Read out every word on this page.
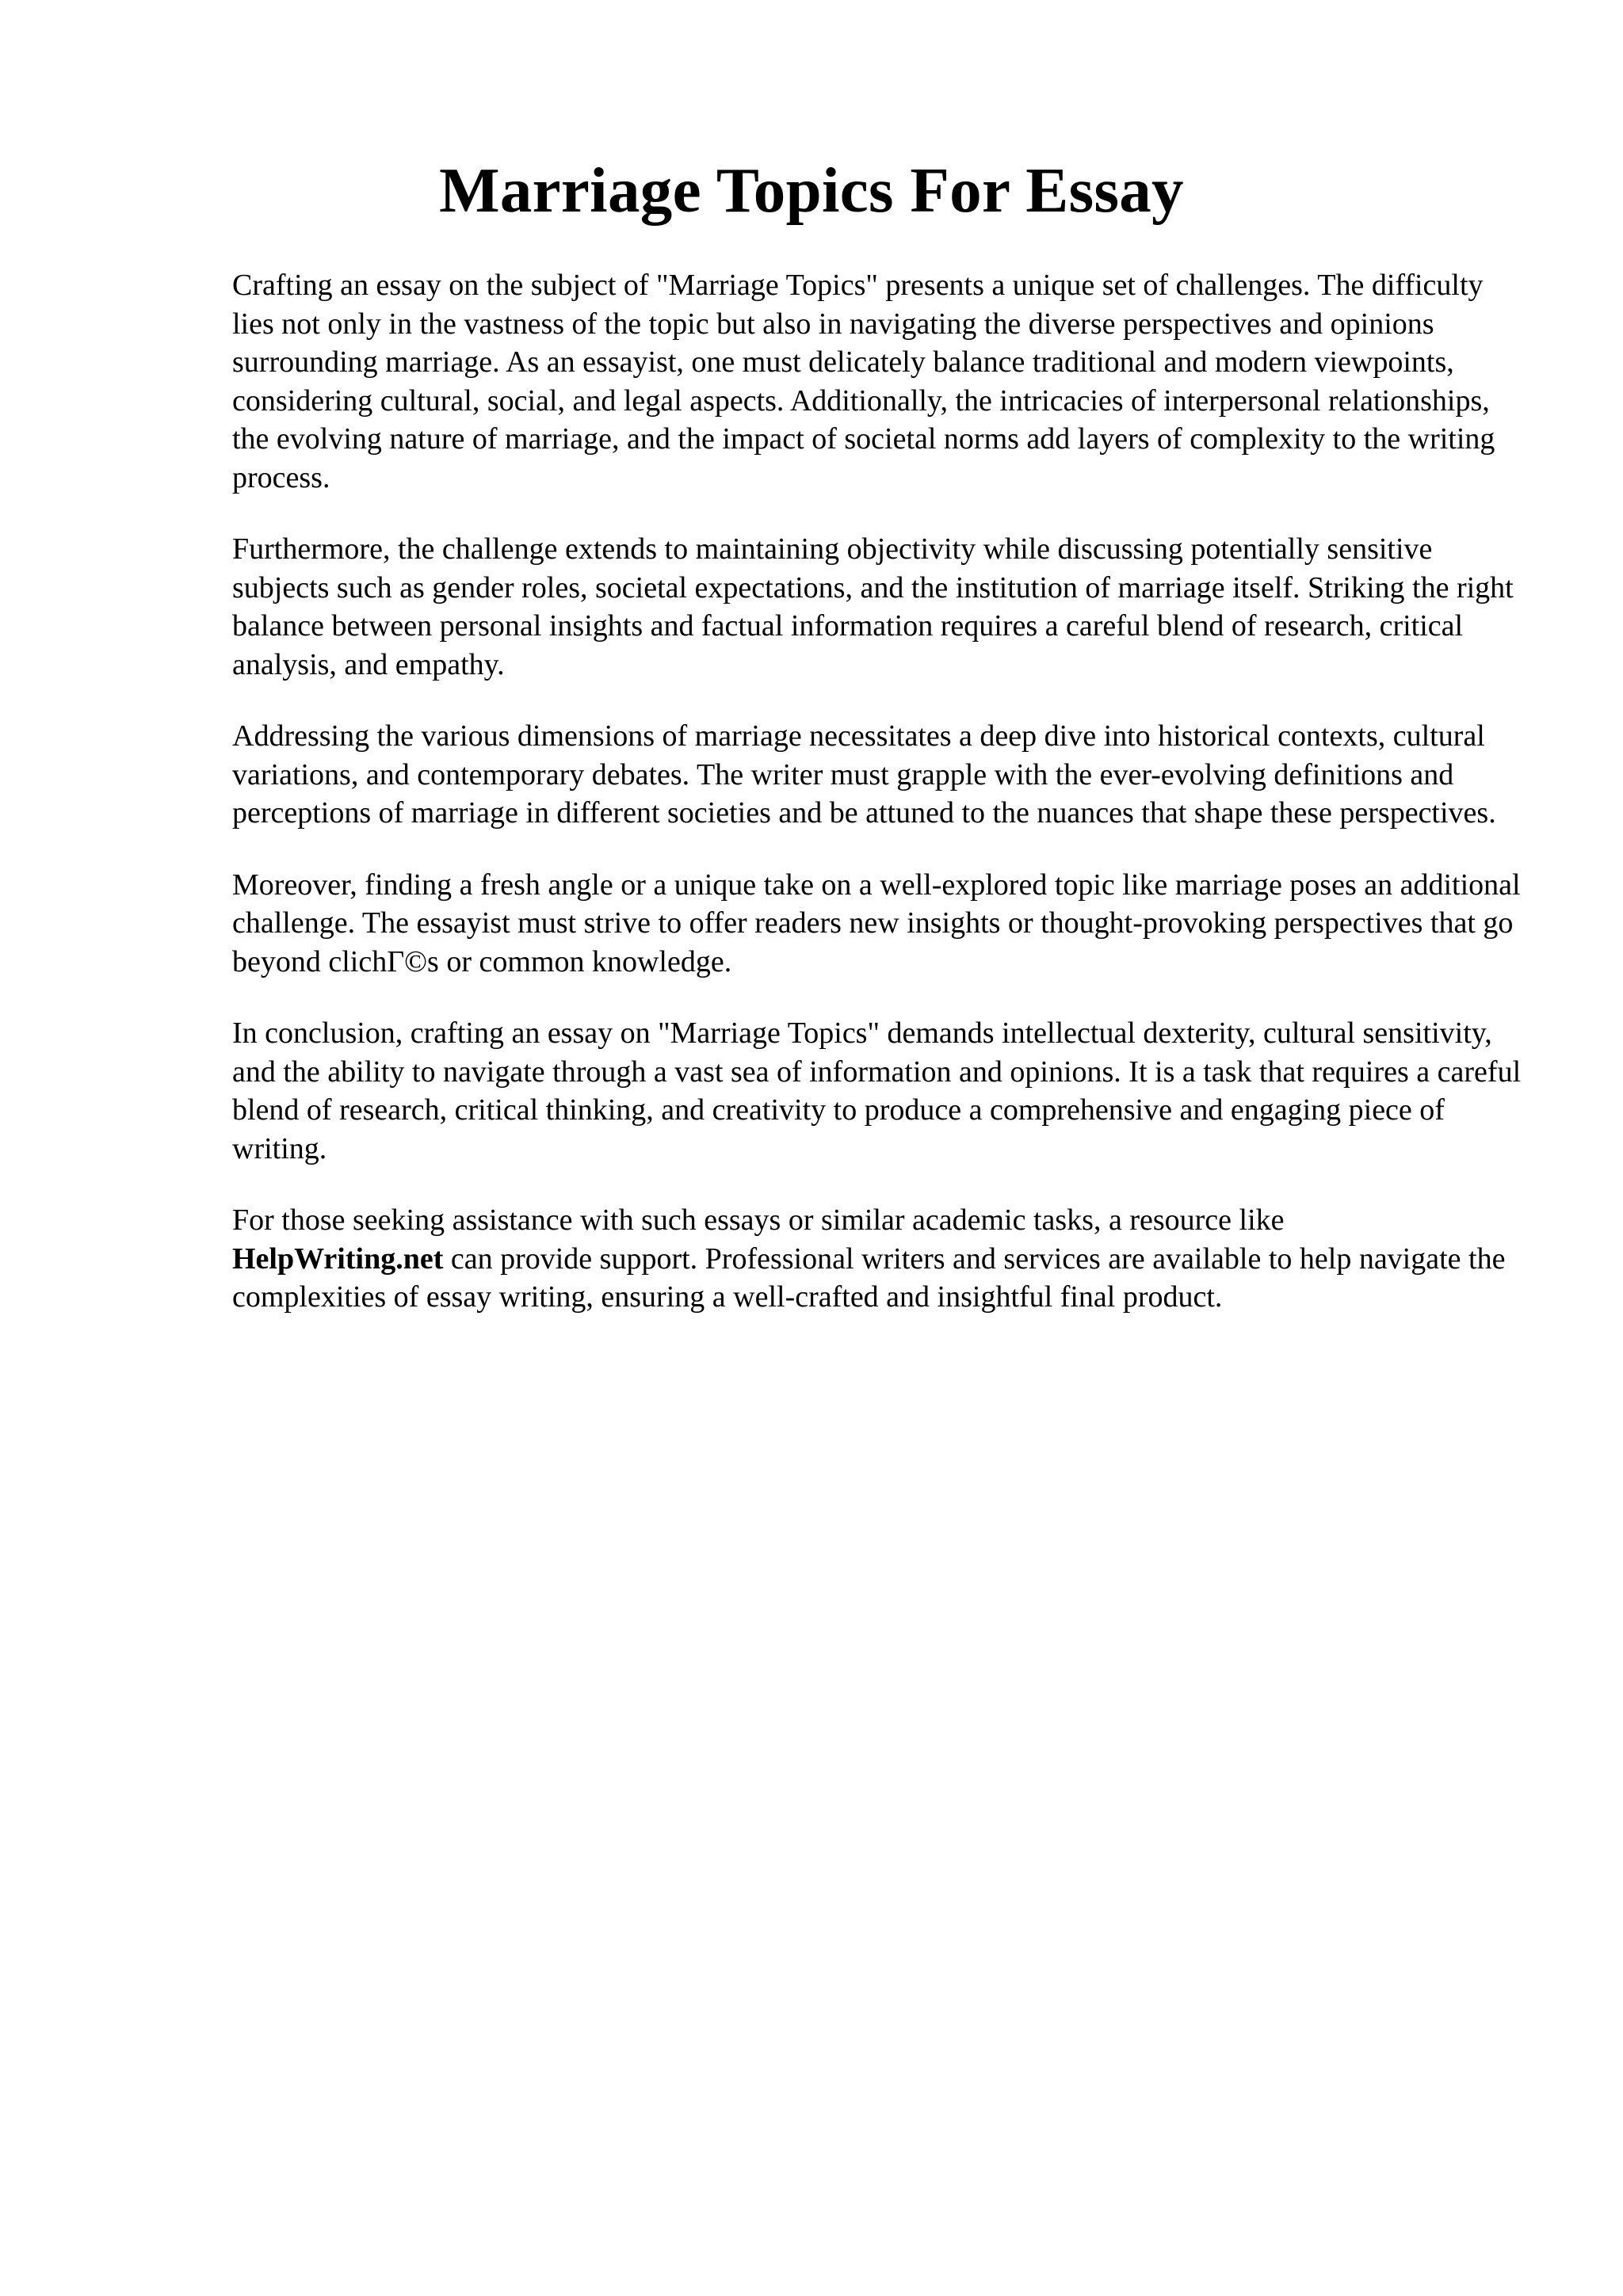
Marriage Topics For Essay

Crafting an essay on the subject of "Marriage Topics" presents a unique set of challenges. The difficulty lies not only in the vastness of the topic but also in navigating the diverse perspectives and opinions surrounding marriage. As an essayist, one must delicately balance traditional and modern viewpoints, considering cultural, social, and legal aspects. Additionally, the intricacies of interpersonal relationships, the evolving nature of marriage, and the impact of societal norms add layers of complexity to the writing process.

Furthermore, the challenge extends to maintaining objectivity while discussing potentially sensitive subjects such as gender roles, societal expectations, and the institution of marriage itself. Striking the right balance between personal insights and factual information requires a careful blend of research, critical analysis, and empathy.

Addressing the various dimensions of marriage necessitates a deep dive into historical contexts, cultural variations, and contemporary debates. The writer must grapple with the ever-evolving definitions and perceptions of marriage in different societies and be attuned to the nuances that shape these perspectives.

Moreover, finding a fresh angle or a unique take on a well-explored topic like marriage poses an additional challenge. The essayist must strive to offer readers new insights or thought-provoking perspectives that go beyond clichΓ©s or common knowledge.

In conclusion, crafting an essay on "Marriage Topics" demands intellectual dexterity, cultural sensitivity, and the ability to navigate through a vast sea of information and opinions. It is a task that requires a careful blend of research, critical thinking, and creativity to produce a comprehensive and engaging piece of writing.

For those seeking assistance with such essays or similar academic tasks, a resource like
HelpWriting.net can provide support. Professional writers and services are available to help navigate the complexities of essay writing, ensuring a well-crafted and insightful final product.
